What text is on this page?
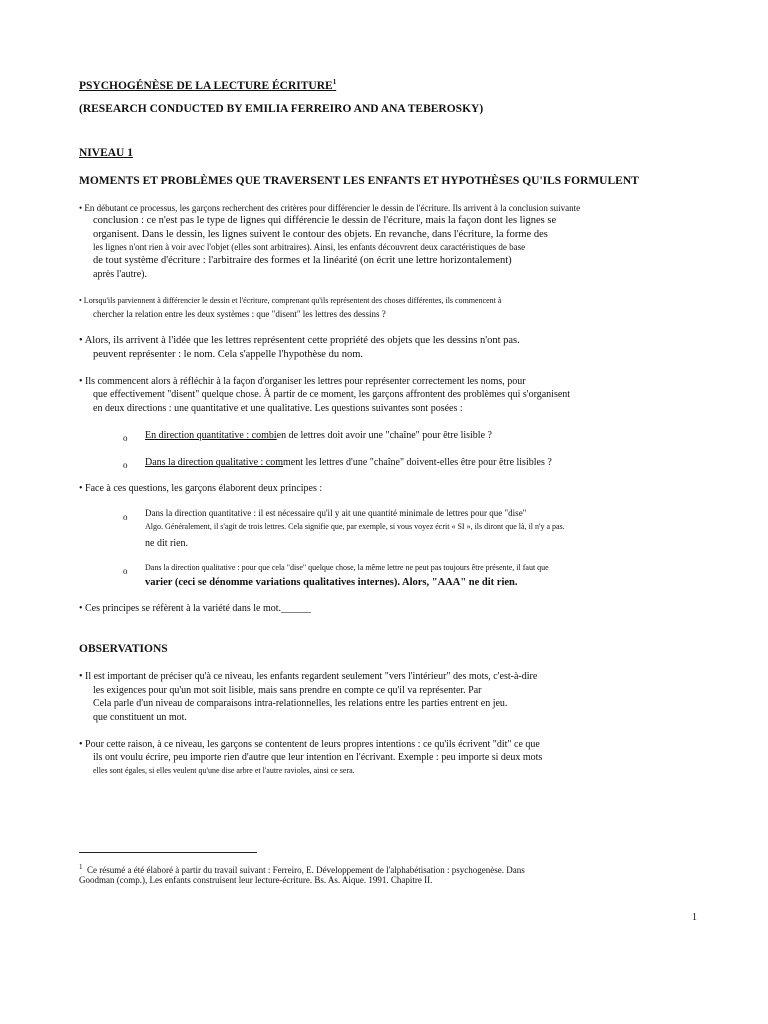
PSYCHOGÉNÈSE DE LA LECTURE ÉCRITURE$^1$
(RESEARCH CONDUCTED BY EMILIA FERREIRO AND ANA TEBEROSKY)
NIVEAU 1
MOMENTS ET PROBLÈMES QUE TRAVERSENT LES ENFANTS ET HYPOTHÈSES QU'ILS FORMULENT
• En débutant ce processus, les garçons recherchent des critères pour différencier le dessin de l'écriture. Ils arrivent à la conclusion suivante
conclusion : ce n'est pas le type de lignes qui différencie le dessin de l'écriture, mais la façon dont les lignes se
organisent. Dans le dessin, les lignes suivent le contour des objets. En revanche, dans l'écriture, la forme des
les lignes n'ont rien à voir avec l'objet (elles sont arbitraires). Ainsi, les enfants découvrent deux caractéristiques de base
de tout système d'écriture : l'arbitraire des formes et la linéarité (on écrit une lettre horizontalement)
après l'autre).
• Lorsqu'ils parviennent à différencier le dessin et l'écriture, comprenant qu'ils représentent des choses différentes, ils commencent à
chercher la relation entre les deux systèmes : que "disent" les lettres des dessins ?
• Alors, ils arrivent à l'idée que les lettres représentent cette propriété des objets que les dessins n'ont pas.
peuvent représenter : le nom. Cela s'appelle l'hypothèse du nom.
• Ils commencent alors à réfléchir à la façon d'organiser les lettres pour représenter correctement les noms, pour
que effectivement "disent" quelque chose. À partir de ce moment, les garçons affrontent des problèmes qui s'organisent
en deux directions : une quantitative et une qualitative. Les questions suivantes sont posées :
o En direction quantitative : combien de lettres doit avoir une "chaîne" pour être lisible ?
o Dans la direction qualitative : comment les lettres d'une "chaîne" doivent-elles être pour être lisibles ?
• Face à ces questions, les garçons élaborent deux principes :
o Dans la direction quantitative : il est nécessaire qu'il y ait une quantité minimale de lettres pour que "dise"
Algo. Généralement, il s'agit de trois lettres. Cela signifie que, par exemple, si vous voyez écrit « SI », ils diront que là, il n'y a pas.
ne dit rien.
o Dans la direction qualitative : pour que cela "dise" quelque chose, la même lettre ne peut pas toujours être présente, il faut que
varier (ceci se dénomme variations qualitatives internes). Alors, "AAA" ne dit rien.
• Ces principes se réfèrent à la variété dans le mot.______
OBSERVATIONS
• Il est important de préciser qu'à ce niveau, les enfants regardent seulement "vers l'intérieur" des mots, c'est-à-dire
les exigences pour qu'un mot soit lisible, mais sans prendre en compte ce qu'il va représenter. Par
Cela parle d'un niveau de comparaisons intra-relationnelles, les relations entre les parties entrent en jeu.
que constituent un mot.
• Pour cette raison, à ce niveau, les garçons se contentent de leurs propres intentions : ce qu'ils écrivent "dit" ce que
ils ont voulu écrire, peu importe rien d'autre que leur intention en l'écrivant. Exemple : peu importe si deux mots
elles sont égales, si elles veulent qu'une dise arbre et l'autre ravioles, ainsi ce sera.
$^1$ Ce résumé a été élaboré à partir du travail suivant : Ferreiro, E. Développement de l'alphabétisation : psychogenèse. Dans
Goodman (comp.), Les enfants construisent leur lecture-écriture. Bs. As. Aique. 1991. Chapitre II.
1
